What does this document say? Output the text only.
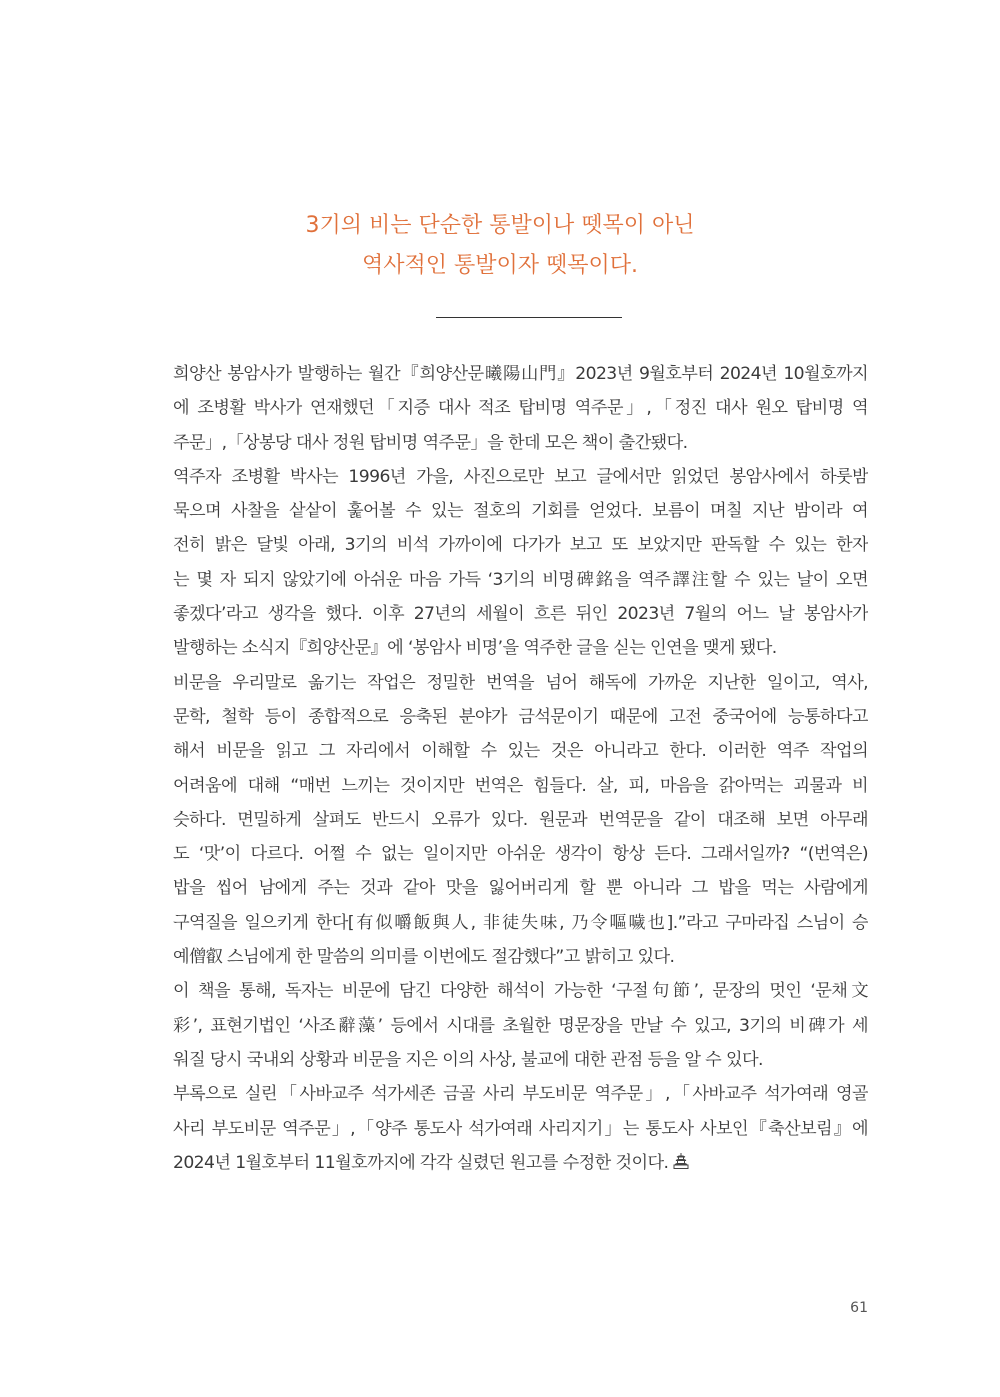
3기의 비는 단순한 통발이나 뗏목이 아닌
역사적인 통발이자 뗏목이다.
희양산 봉암사가 발행하는 월간『희양산문曦陽山門』2023년 9월호부터 2024년 10월호까지
에 조병활 박사가 연재했던「지증 대사 적조 탑비명 역주문」,「정진 대사 원오 탑비명 역
주문」,「상봉당 대사 정원 탑비명 역주문」을 한데 모은 책이 출간됐다.
역주자 조병활 박사는 1996년 가을, 사진으로만 보고 글에서만 읽었던 봉암사에서 하룻밤
묵으며 사찰을 샅샅이 훑어볼 수 있는 절호의 기회를 얻었다. 보름이 며칠 지난 밤이라 여
전히 밝은 달빛 아래, 3기의 비석 가까이에 다가가 보고 또 보았지만 판독할 수 있는 한자
는 몇 자 되지 않았기에 아쉬운 마음 가득 ‘3기의 비명碑銘을 역주譯注할 수 있는 날이 오면
좋겠다’라고 생각을 했다. 이후 27년의 세월이 흐른 뒤인 2023년 7월의 어느 날 봉암사가
발행하는 소식지『희양산문』에 ‘봉암사 비명’을 역주한 글을 싣는 인연을 맺게 됐다.
비문을 우리말로 옮기는 작업은 정밀한 번역을 넘어 해독에 가까운 지난한 일이고, 역사,
문학, 철학 등이 종합적으로 응축된 분야가 금석문이기 때문에 고전 중국어에 능통하다고
해서 비문을 읽고 그 자리에서 이해할 수 있는 것은 아니라고 한다. 이러한 역주 작업의
어려움에 대해 “매번 느끼는 것이지만 번역은 힘들다. 살, 피, 마음을 갉아먹는 괴물과 비
슷하다. 면밀하게 살펴도 반드시 오류가 있다. 원문과 번역문을 같이 대조해 보면 아무래
도 ‘맛’이 다르다. 어쩔 수 없는 일이지만 아쉬운 생각이 항상 든다. 그래서일까? “(번역은)
밥을 씹어 남에게 주는 것과 같아 맛을 잃어버리게 할 뿐 아니라 그 밥을 먹는 사람에게
구역질을 일으키게 한다[有似嚼飯與人, 非徒失味, 乃令嘔噦也].”라고 구마라집 스님이 승
예僧叡 스님에게 한 말씀의 의미를 이번에도 절감했다”고 밝히고 있다.
이 책을 통해, 독자는 비문에 담긴 다양한 해석이 가능한 ‘구절句節’, 문장의 멋인 ‘문채文
彩’, 표현기법인 ‘사조辭藻’ 등에서 시대를 초월한 명문장을 만날 수 있고, 3기의 비碑가 세
워질 당시 국내외 상황과 비문을 지은 이의 사상, 불교에 대한 관점 등을 알 수 있다.
부록으로 실린「사바교주 석가세존 금골 사리 부도비문 역주문」,「사바교주 석가여래 영골
사리 부도비문 역주문」,「양주 통도사 석가여래 사리지기」는 통도사 사보인『축산보림』에
2024년 1월호부터 11월호까지에 각각 실렸던 원고를 수정한 것이다.
61
